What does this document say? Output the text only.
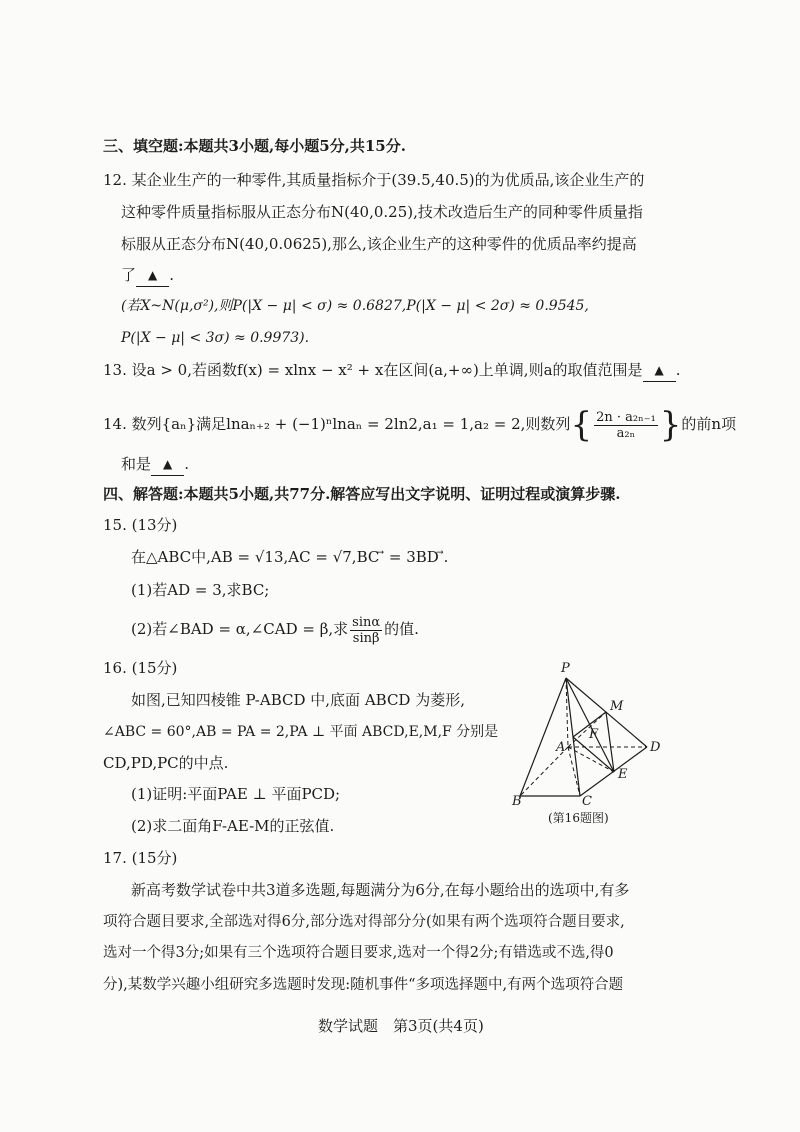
三、填空题:本题共3小题,每小题5分,共15分.
12. 某企业生产的一种零件,其质量指标介于(39.5,40.5)的为优质品,该企业生产的
这种零件质量指标服从正态分布N(40,0.25),技术改造后生产的同种零件质量指
标服从正态分布N(40,0.0625),那么,该企业生产的这种零件的优质品率约提高
了 ▲ .
(若X~N(μ,σ²),则P(|X − μ| < σ) ≈ 0.6827,P(|X − μ| < 2σ) ≈ 0.9545,
P(|X − μ| < 3σ) ≈ 0.9973).
13. 设a > 0,若函数f(x) = xlnx − x² + x在区间(a,+∞)上单调,则a的取值范围是 ▲ .
14. 数列{aₙ}满足lnaₙ₊₂ + (−1)ⁿlnaₙ = 2ln2,a₁ = 1,a₂ = 2,则数列{ $\frac{\text{2n · a₂ₙ₋₁}}{\text{a₂ₙ}}$ }的前n项
和是 ▲ .
四、解答题:本题共5小题,共77分.解答应写出文字说明、证明过程或演算步骤.
15. (13分)
在△ABC中,AB = √13,AC = √7,BC ⃗ = 3BD ⃗.
(1)若AD = 3,求BC;
(2)若∠BAD = α,∠CAD = β,求 $\frac{\sin\alpha}{\sin\beta}$ 的值.
16. (15分)
如图,已知四棱锥 P-ABCD 中,底面 ABCD 为菱形,
∠ABC = 60°,AB = PA = 2,PA ⊥ 平面 ABCD,E,M,F 分别是
CD,PD,PC的中点.
(1)证明:平面PAE ⊥ 平面PCD;
(2)求二面角F-AE-M的正弦值.
P
M
F
A	D
E
B	C
(第16题图)
17. (15分)
新高考数学试卷中共3道多选题,每题满分为6分,在每小题给出的选项中,有多
项符合题目要求,全部选对得6分,部分选对得部分分(如果有两个选项符合题目要求,
选对一个得3分;如果有三个选项符合题目要求,选对一个得2分;有错选或不选,得0
分),某数学兴趣小组研究多选题时发现:随机事件“多项选择题中,有两个选项符合题
数学试题　第3页(共4页)
